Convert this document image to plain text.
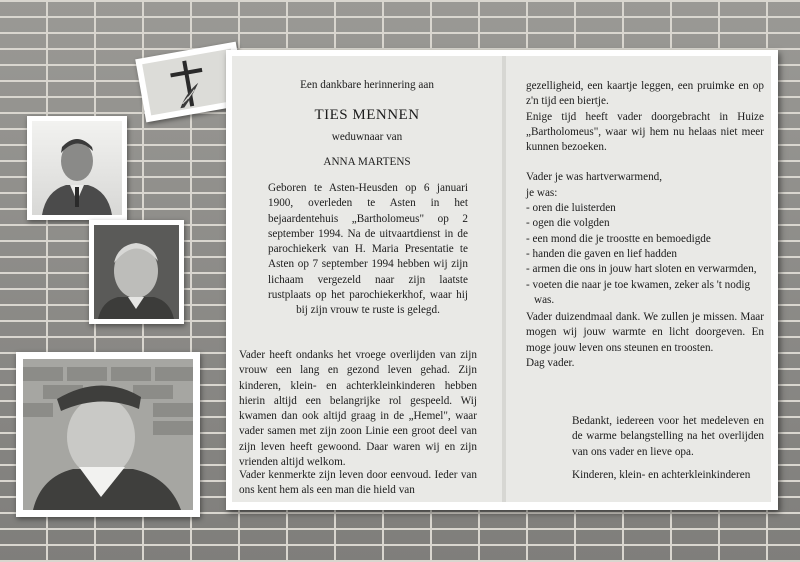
Een dankbare herinnering aan

TIES MENNEN

weduwnaar van

ANNA MARTENS

Geboren te Asten-Heusden op 6 januari 1900, overleden te Asten in het bejaardentehuis „Bartholomeus" op 2 september 1994. Na de uitvaartdienst in de parochiekerk van H. Maria Presentatie te Asten op 7 september 1994 hebben wij zijn lichaam vergezeld naar zijn laatste rustplaats op het parochiekerkhof, waar hij bij zijn vrouw te ruste is gelegd.

Vader heeft ondanks het vroege overlijden van zijn vrouw een lang en gezond leven gehad. Zijn kinderen, klein- en achterkleinkinderen hebben hierin altijd een belangrijke rol gespeeld. Wij kwamen dan ook altijd graag in de „Hemel", waar vader samen met zijn zoon Linie een groot deel van zijn leven heeft gewoond. Daar waren wij en zijn vrienden altijd welkom.

Vader kenmerkte zijn leven door eenvoud. Ieder van ons kent hem als een man die hield van

gezelligheid, een kaartje leggen, een pruimke en op z'n tijd een biertje.

Enige tijd heeft vader doorgebracht in Huize „Bartholomeus", waar wij hem nu helaas niet meer kunnen bezoeken.

Vader je was hartverwarmend,

je was:

- oren die luisterden
- ogen die volgden
- een mond die je troostte en bemoedigde
- handen die gaven en lief hadden
- armen die ons in jouw hart sloten en verwarmden,
- voeten die naar je toe kwamen, zeker als 't nodig was.

Vader duizendmaal dank. We zullen je missen. Maar mogen wij jouw warmte en licht doorgeven. En moge jouw leven ons steunen en troosten.

Dag vader.

Bedankt, iedereen voor het medeleven en de warme belangstelling na het overlijden van ons vader en lieve opa.

Kinderen, klein- en achterkleinkinderen
